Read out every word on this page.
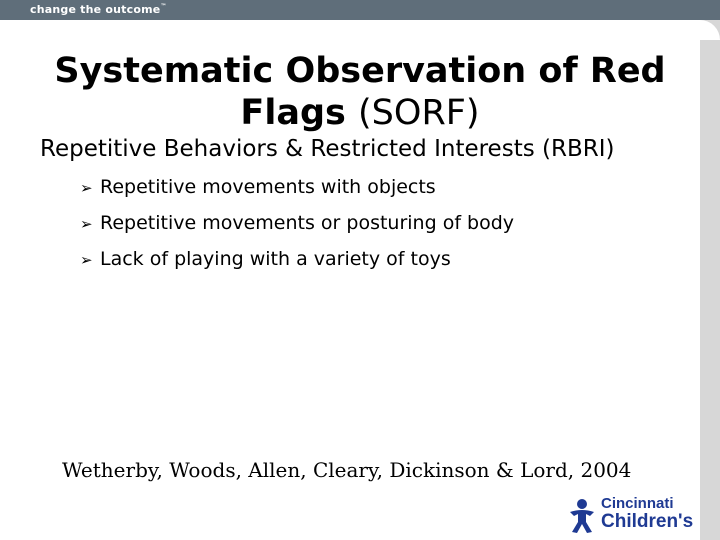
change the outcome™
Systematic Observation of Red Flags (SORF)
Repetitive Behaviors & Restricted Interests (RBRI)
➢ Repetitive movements with objects
➢ Repetitive movements or posturing of body
➢ Lack of playing with a variety of toys
Wetherby, Woods, Allen, Cleary, Dickinson & Lord, 2004
Cincinnati
Children's
